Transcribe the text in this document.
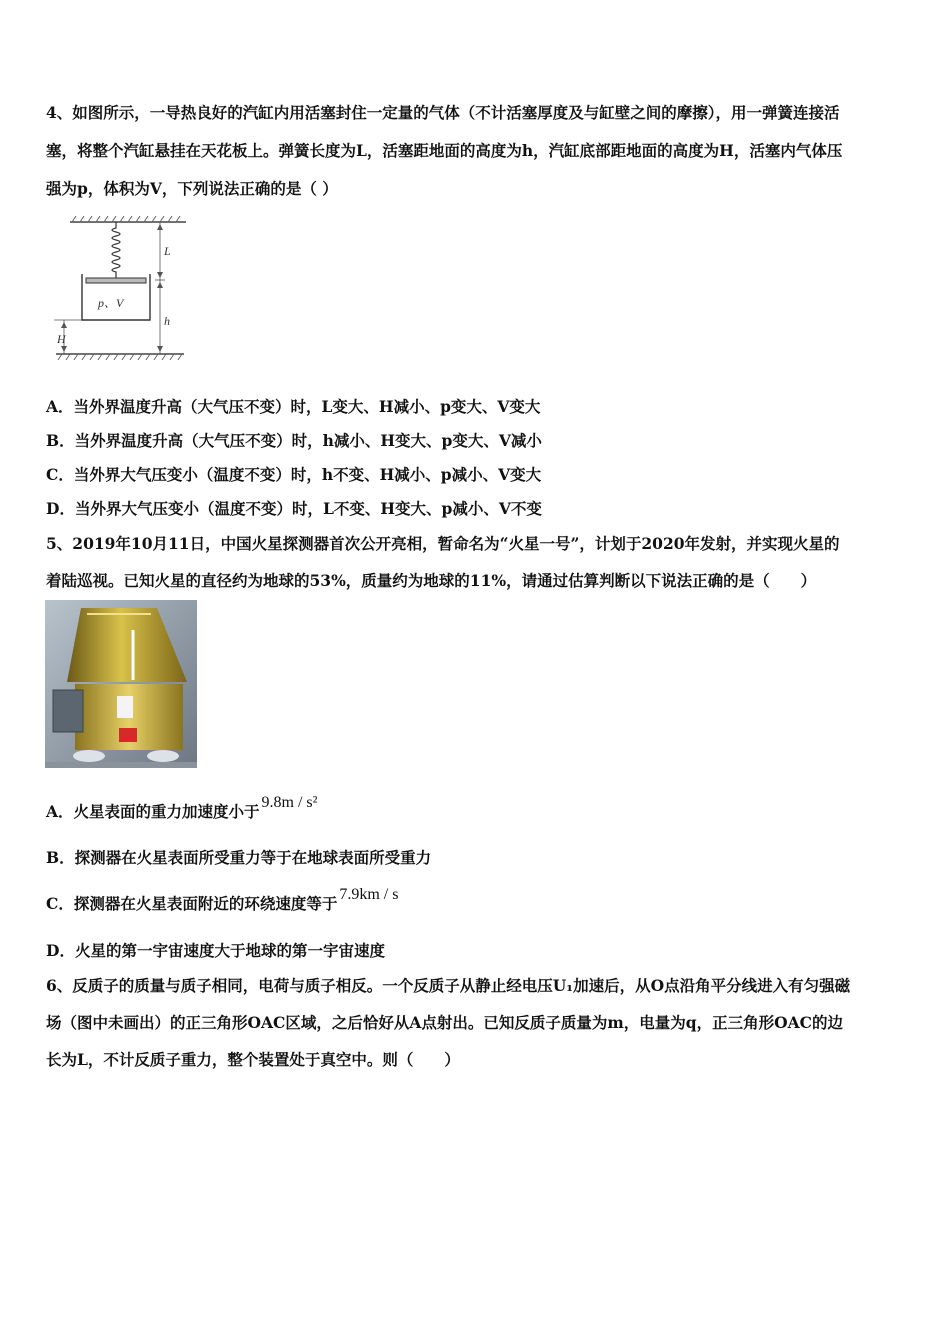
4、如图所示，一导热良好的汽缸内用活塞封住一定量的气体（不计活塞厚度及与缸壁之间的摩擦），用一弹簧连接活
塞，将整个汽缸悬挂在天花板上。弹簧长度为L，活塞距地面的高度为h，汽缸底部距地面的高度为H，活塞内气体压
强为p，体积为V，下列说法正确的是（ ）
p、V
L
h
H
A．当外界温度升高（大气压不变）时，L变大、H减小、p变大、V变大
B．当外界温度升高（大气压不变）时，h减小、H变大、p变大、V减小
C．当外界大气压变小（温度不变）时，h不变、H减小、p减小、V变大
D．当外界大气压变小（温度不变）时，L不变、H变大、p减小、V不变
5、2019年10月11日，中国火星探测器首次公开亮相，暂命名为“火星一号”，计划于2020年发射，并实现火星的
着陆巡视。已知火星的直径约为地球的53%，质量约为地球的11%，请通过估算判断以下说法正确的是（　　）
A．火星表面的重力加速度小于 9.8m / s²
B．探测器在火星表面所受重力等于在地球表面所受重力
C．探测器在火星表面附近的环绕速度等于 7.9km / s
D．火星的第一宇宙速度大于地球的第一宇宙速度
6、反质子的质量与质子相同，电荷与质子相反。一个反质子从静止经电压U₁加速后，从O点沿角平分线进入有匀强磁
场（图中未画出）的正三角形OAC区域，之后恰好从A点射出。已知反质子质量为m，电量为q，正三角形OAC的边
长为L，不计反质子重力，整个装置处于真空中。则（　　）
